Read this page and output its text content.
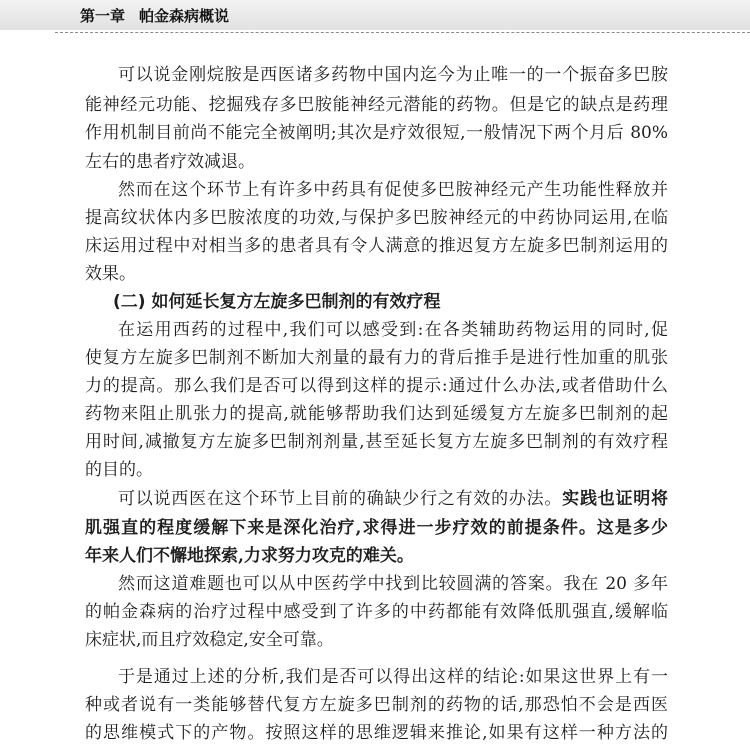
第一章 帕金森病概说
可以说金刚烷胺是西医诸多药物中国内迄今为止唯一的一个振奋多巴胺
能神经元功能、挖掘残存多巴胺能神经元潜能的药物。但是它的缺点是药理
作用机制目前尚不能完全被阐明;其次是疗效很短,一般情况下两个月后 80%
左右的患者疗效减退。
然而在这个环节上有许多中药具有促使多巴胺神经元产生功能性释放并
提高纹状体内多巴胺浓度的功效,与保护多巴胺神经元的中药协同运用,在临
床运用过程中对相当多的患者具有令人满意的推迟复方左旋多巴制剂运用的
效果。
(二) 如何延长复方左旋多巴制剂的有效疗程
在运用西药的过程中,我们可以感受到:在各类辅助药物运用的同时,促
使复方左旋多巴制剂不断加大剂量的最有力的背后推手是进行性加重的肌张
力的提高。那么我们是否可以得到这样的提示:通过什么办法,或者借助什么
药物来阻止肌张力的提高,就能够帮助我们达到延缓复方左旋多巴制剂的起
用时间,减撤复方左旋多巴制剂剂量,甚至延长复方左旋多巴制剂的有效疗程
的目的。
可以说西医在这个环节上目前的确缺少行之有效的办法。实践也证明将
肌强直的程度缓解下来是深化治疗,求得进一步疗效的前提条件。这是多少
年来人们不懈地探索,力求努力攻克的难关。
然而这道难题也可以从中医药学中找到比较圆满的答案。我在 20 多年
的帕金森病的治疗过程中感受到了许多的中药都能有效降低肌强直,缓解临
床症状,而且疗效稳定,安全可靠。
于是通过上述的分析,我们是否可以得出这样的结论:如果这世界上有一
种或者说有一类能够替代复方左旋多巴制剂的药物的话,那恐怕不会是西医
的思维模式下的产物。按照这样的思维逻辑来推论,如果有这样一种方法的
